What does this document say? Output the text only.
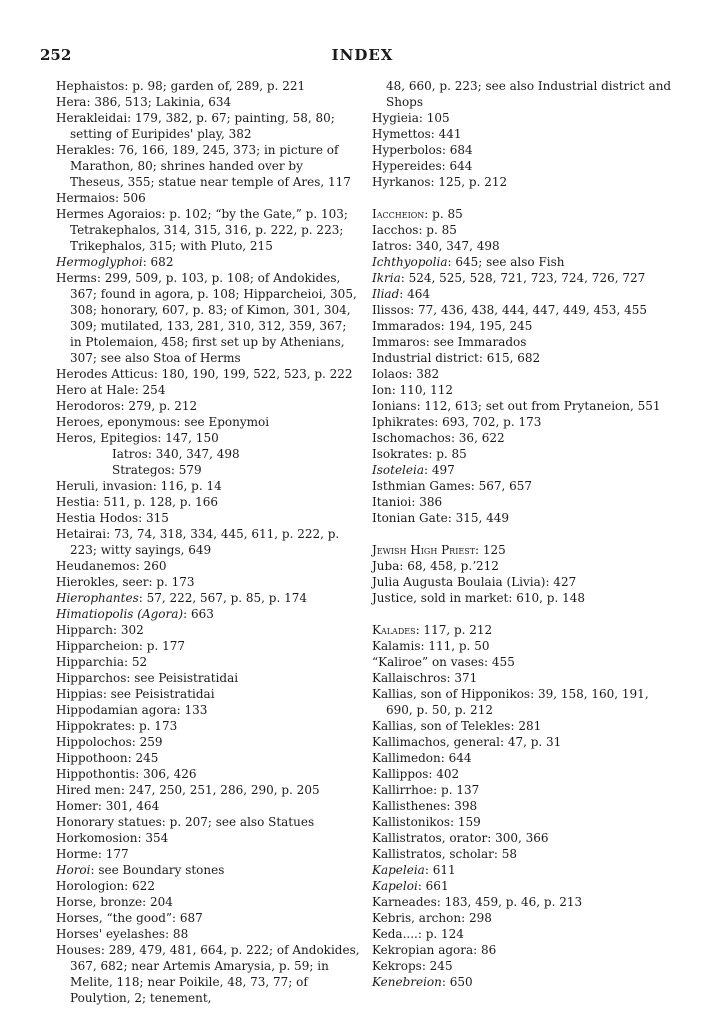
252	INDEX
Hephaistos: p. 98; garden of, 289, p. 221
Hera: 386, 513; Lakinia, 634
Herakleidai: 179, 382, p. 67; painting, 58, 80; setting of Euripides' play, 382
Herakles: 76, 166, 189, 245, 373; in picture of Marathon, 80; shrines handed over by Theseus, 355; statue near temple of Ares, 117
Hermaios: 506
Hermes Agoraios: p. 102; “by the Gate,” p. 103; Tetrakephalos, 314, 315, 316, p. 222, p. 223; Trikephalos, 315; with Pluto, 215
Hermoglyphoi: 682
Herms: 299, 509, p. 103, p. 108; of Andokides, 367; found in agora, p. 108; Hipparcheioi, 305, 308; honorary, 607, p. 83; of Kimon, 301, 304, 309; mutilated, 133, 281, 310, 312, 359, 367; in Ptolemaion, 458; first set up by Athenians, 307; see also Stoa of Herms
Herodes Atticus: 180, 190, 199, 522, 523, p. 222
Hero at Hale: 254
Herodoros: 279, p. 212
Heroes, eponymous: see Eponymoi
Heros, Epitegios: 147, 150
Iatros: 340, 347, 498
Strategos: 579
Heruli, invasion: 116, p. 14
Hestia: 511, p. 128, p. 166
Hestia Hodos: 315
Hetairai: 73, 74, 318, 334, 445, 611, p. 222, p. 223; witty sayings, 649
Heudanemos: 260
Hierokles, seer: p. 173
Hierophantes: 57, 222, 567, p. 85, p. 174
Himatiopolis (Agora): 663
Hipparch: 302
Hipparcheion: p. 177
Hipparchia: 52
Hipparchos: see Peisistratidai
Hippias: see Peisistratidai
Hippodamian agora: 133
Hippokrates: p. 173
Hippolochos: 259
Hippothoon: 245
Hippothontis: 306, 426
Hired men: 247, 250, 251, 286, 290, p. 205
Homer: 301, 464
Honorary statues: p. 207; see also Statues
Horkomosion: 354
Horme: 177
Horoi: see Boundary stones
Horologion: 622
Horse, bronze: 204
Horses, “the good”: 687
Horses' eyelashes: 88
Houses: 289, 479, 481, 664, p. 222; of Andokides, 367, 682; near Artemis Amarysia, p. 59; in Melite, 118; near Poikile, 48, 73, 77; of Poulytion, 2; tenement,
48, 660, p. 223; see also Industrial district and Shops
Hygieia: 105
Hymettos: 441
Hyperbolos: 684
Hypereides: 644
Hyrkanos: 125, p. 212
Iaccheion: p. 85
Iacchos: p. 85
Iatros: 340, 347, 498
Ichthyopolia: 645; see also Fish
Ikria: 524, 525, 528, 721, 723, 724, 726, 727
Iliad: 464
Ilissos: 77, 436, 438, 444, 447, 449, 453, 455
Immarados: 194, 195, 245
Immaros: see Immarados
Industrial district: 615, 682
Iolaos: 382
Ion: 110, 112
Ionians: 112, 613; set out from Prytaneion, 551
Iphikrates: 693, 702, p. 173
Ischomachos: 36, 622
Isokrates: p. 85
Isoteleia: 497
Isthmian Games: 567, 657
Itanioi: 386
Itonian Gate: 315, 449
Jewish High Priest: 125
Juba: 68, 458, p.ʼ212
Julia Augusta Boulaia (Livia): 427
Justice, sold in market: 610, p. 148
Kalades: 117, p. 212
Kalamis: 111, p. 50
“Kaliroe” on vases: 455
Kallaischros: 371
Kallias, son of Hipponikos: 39, 158, 160, 191, 690, p. 50, p. 212
Kallias, son of Telekles: 281
Kallimachos, general: 47, p. 31
Kallimedon: 644
Kallippos: 402
Kallirrhoe: p. 137
Kallisthenes: 398
Kallistonikos: 159
Kallistratos, orator: 300, 366
Kallistratos, scholar: 58
Kapeleia: 611
Kapeloi: 661
Karneades: 183, 459, p. 46, p. 213
Kebris, archon: 298
Keda....: p. 124
Kekropian agora: 86
Kekrops: 245
Kenebreion: 650
